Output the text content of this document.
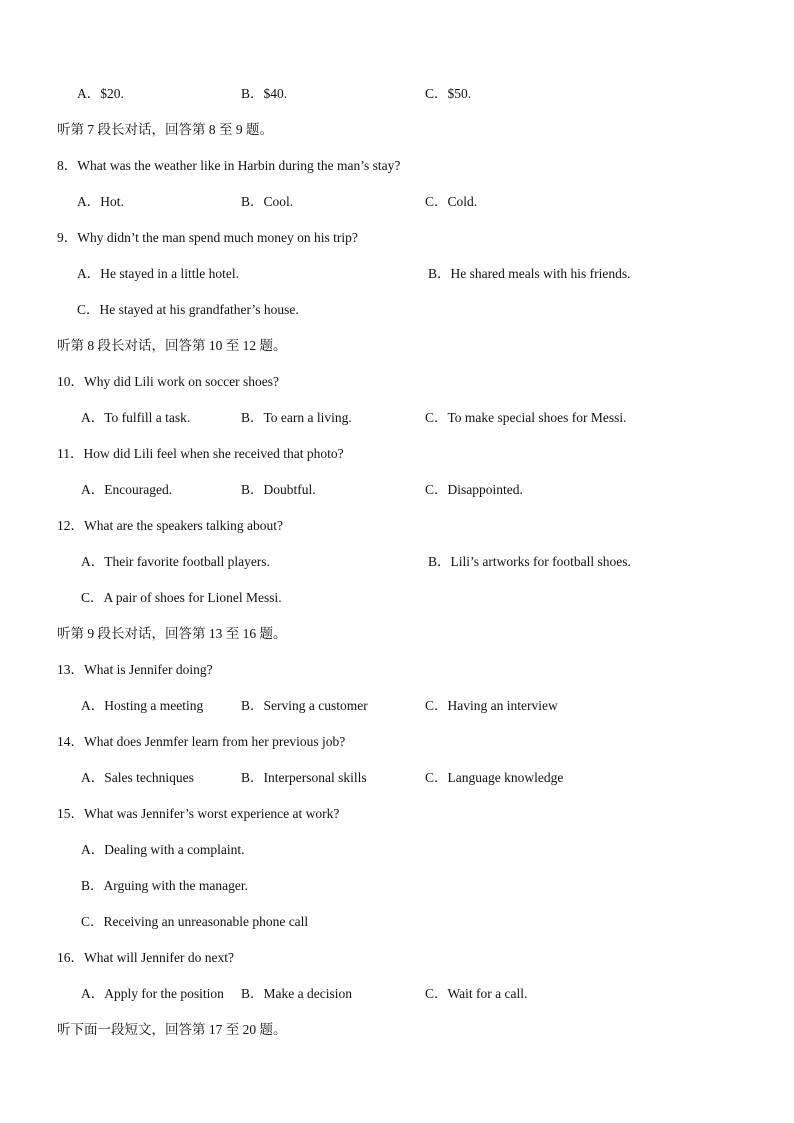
A．$20.	B．$40.	C．$50.
听第 7 段长对话，回答第 8 至 9 题。
8．What was the weather like in Harbin during the man’s stay?
A．Hot.	B．Cool.	C．Cold.
9．Why didn’t the man spend much money on his trip?
A．He stayed in a little hotel.	B．He shared meals with his friends.
C．He stayed at his grandfather’s house.
听第 8 段长对话，回答第 10 至 12 题。
10．Why did Lili work on soccer shoes?
A．To fulfill a task.	B．To earn a living.	C．To make special shoes for Messi.
11．How did Lili feel when she received that photo?
A．Encouraged.	B．Doubtful.	C．Disappointed.
12．What are the speakers talking about?
A．Their favorite football players.	B．Lili’s artworks for football shoes.
C．A pair of shoes for Lionel Messi.
听第 9 段长对话，回答第 13 至 16 题。
13．What is Jennifer doing?
A．Hosting a meeting	B．Serving a customer	C．Having an interview
14．What does Jenmfer learn from her previous job?
A．Sales techniques	B．Interpersonal skills	C．Language knowledge
15．What was Jennifer’s worst experience at work?
A．Dealing with a complaint.
B．Arguing with the manager.
C．Receiving an unreasonable phone call
16．What will Jennifer do next?
A．Apply for the position B．Make a decision	C．Wait for a call.
听下面一段短文，回答第 17 至 20 题。
